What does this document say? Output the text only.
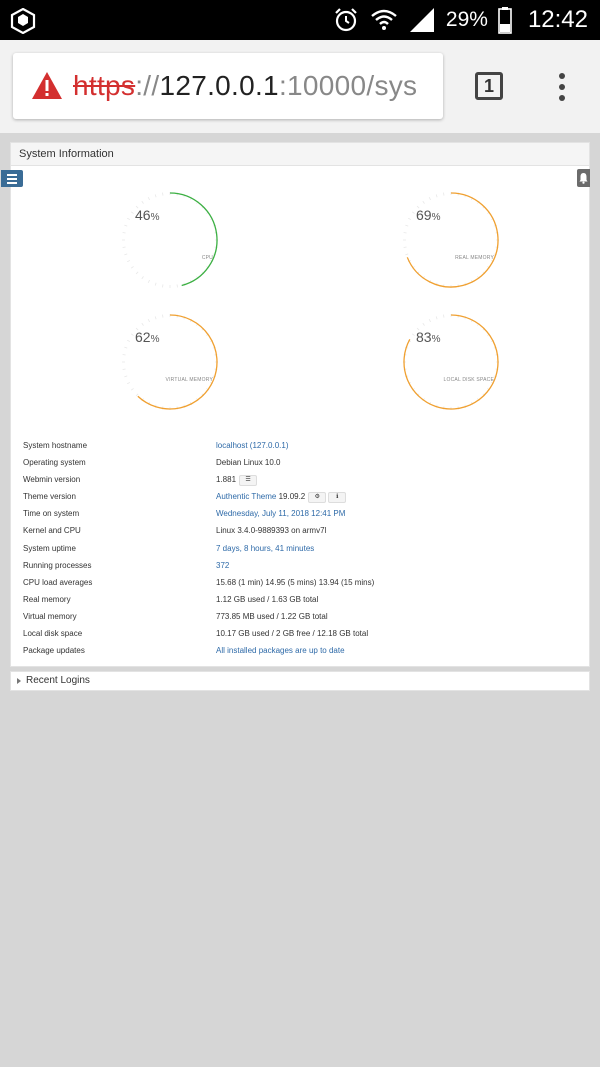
29% 12:42
https://127.0.0.1:10000/sys	1
System Information
46%
CPU
69%
REAL MEMORY
62%
VIRTUAL MEMORY
83%
LOCAL DISK SPACE
System hostname	localhost (127.0.0.1)
Operating system	Debian Linux 10.0
Webmin version	1.881 ☰
Theme version	Authentic Theme 19.09.2 ⚙	ℹ
Time on system	Wednesday, July 11, 2018 12:41 PM
Kernel and CPU	Linux 3.4.0-9889393 on armv7l
System uptime	7 days, 8 hours, 41 minutes
Running processes	372
CPU load averages	15.68 (1 min) 14.95 (5 mins) 13.94 (15 mins)
Real memory	1.12 GB used / 1.63 GB total
Virtual memory	773.85 MB used / 1.22 GB total
Local disk space	10.17 GB used / 2 GB free / 12.18 GB total
Package updates	All installed packages are up to date
Recent Logins
